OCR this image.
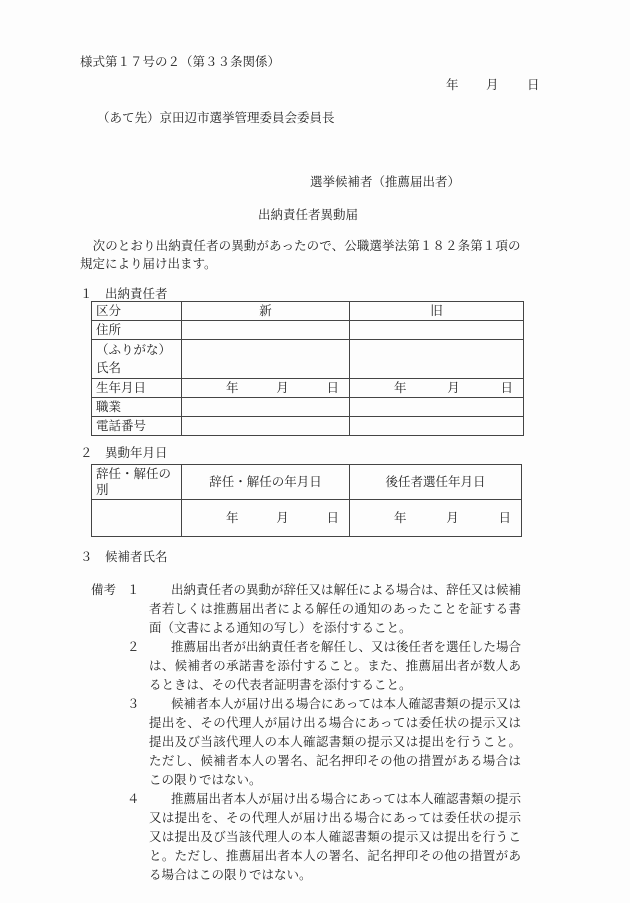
様式第１７号の２（第３３条関係）
年 月 日
（あて先）京田辺市選挙管理委員会委員長
選挙候補者（推薦届出者）
出納責任者異動届
　次のとおり出納責任者の異動があったので、公職選挙法第１８２条第１項の
規定により届け出ます。
１　出納責任者
区分	新	旧
住所		

（ふりがな）
氏名		

生年月日	年 月 日	年 月 日

職業		
電話番号		
２　異動年月日
辞任・解任の別	辞任・解任の年月日	後任者選任年月日

	年 月 日	年 月 日
３　候補者氏名
備考 １	出納責任者の異動が辞任又は解任による場合は、辞任又は候補者若しくは推薦届出者による解任の通知のあったことを証する書面（文書による通知の写し）を添付すること。
２	推薦届出者が出納責任者を解任し、又は後任者を選任した場合は、候補者の承諾書を添付すること。また、推薦届出者が数人あるときは、その代表者証明書を添付すること。
３	候補者本人が届け出る場合にあっては本人確認書類の提示又は提出を、その代理人が届け出る場合にあっては委任状の提示又は提出及び当該代理人の本人確認書類の提示又は提出を行うこと。ただし、候補者本人の署名、記名押印その他の措置がある場合はこの限りではない。
４	推薦届出者本人が届け出る場合にあっては本人確認書類の提示又は提出を、その代理人が届け出る場合にあっては委任状の提示又は提出及び当該代理人の本人確認書類の提示又は提出を行うこと。ただし、推薦届出者本人の署名、記名押印その他の措置がある場合はこの限りではない。
